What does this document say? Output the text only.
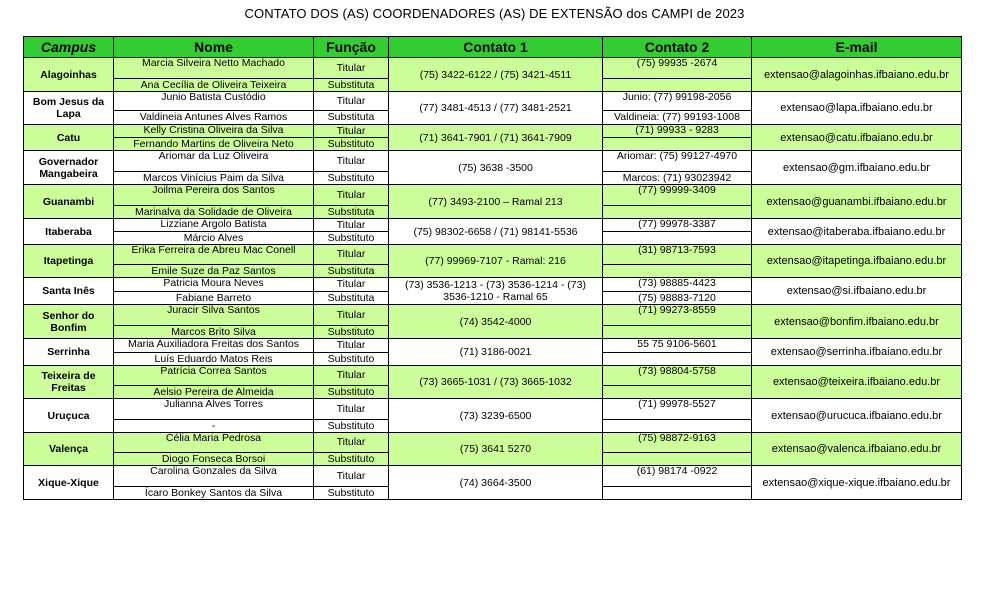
CONTATO DOS (AS) COORDENADORES (AS) DE EXTENSÃO dos CAMPI de 2023
Campus	Nome	Função	Contato 1	Contato 2	E-mail
Alagoinhas	Marcia Silveira Netto Machado	Titular	(75) 3422-6122 / (75) 3421-4511	(75) 99935 -2674	extensao@alagoinhas.ifbaiano.edu.br
	Ana Cecília de Oliveira Teixeira	Substituta			
Bom Jesus da Lapa	Junio Batista Custódio	Titular	(77) 3481-4513 / (77) 3481-2521	Junio: (77) 99198-2056	extensao@lapa.ifbaiano.edu.br
	Valdineia Antunes Alves Ramos	Substituta		Valdineia: (77) 99193-1008	
Catu	Kelly Cristina Oliveira da Silva	Titular	(71) 3641-7901 / (71) 3641-7909	(71) 99933 - 9283	extensao@catu.ifbaiano.edu.br
	Fernando Martins de Oliveira Neto	Substituto			
Governador Mangabeira	Ariomar da Luz Oliveira	Titular	(75) 3638 -3500	Ariomar: (75) 99127-4970	extensao@gm.ifbaiano.edu.br
	Marcos Vinícius Paim da Silva	Substituto		Marcos: (71) 93023942	
Guanambi	Joilma Pereira dos Santos	Titular	(77) 3493-2100 – Ramal 213	(77) 99999-3409	extensao@guanambi.ifbaiano.edu.br
	Marinalva da Solidade de Oliveira	Substituta			
Itaberaba	Lizziane Argolo Batista	Titular	(75) 98302-6658 / (71) 98141-5536	(77) 99978-3387	extensao@itaberaba.ifbaiano.edu.br
	Márcio Alves	Substituto			
Itapetinga	Erika Ferreira de Abreu Mac Conell	Titular	(77) 99969-7107 - Ramal: 216	(31) 98713-7593	extensao@itapetinga.ifbaiano.edu.br
	Emile Suze da Paz Santos	Substituta			
Santa Inês	Patricia Moura Neves	Titular	(73) 3536-1213 - (73) 3536-1214 - (73) 3536-1210 - Ramal 65	(73) 98885-4423	extensao@si.ifbaiano.edu.br
	Fabiane Barreto	Substituta		(75) 98883-7120	
Senhor do Bonfim	Juracir Silva Santos	Titular	(74) 3542-4000	(71) 99273-8559	extensao@bonfim.ifbaiano.edu.br
	Marcos Brito Silva	Substituto			
Serrinha	Maria Auxiliadora Freitas dos Santos	Titular	(71) 3186-0021	55 75 9106-5601	extensao@serrinha.ifbaiano.edu.br
	Luís Eduardo Matos Reis	Substituto			
Teixeira de Freitas	Patrícia Correa Santos	Titular	(73) 3665-1031 / (73) 3665-1032	(73) 98804-5758	extensao@teixeira.ifbaiano.edu.br
	Aelsio Pereira de Almeida	Substituto			
Uruçuca	Julianna Alves Torres	Titular	(73) 3239-6500	(71) 99978-5527	extensao@urucuca.ifbaiano.edu.br
	-	Substituto			
Valença	Célia Maria Pedrosa	Titular	(75) 3641 5270	(75) 98872-9163	extensao@valenca.ifbaiano.edu.br
	Diogo Fonseca Borsoi	Substituto			
Xique-Xique	Carolina Gonzales da Silva	Titular	(74) 3664-3500	(61) 98174 -0922	extensao@xique-xique.ifbaiano.edu.br
	Ícaro Bonkey Santos da Silva	Substituto			
